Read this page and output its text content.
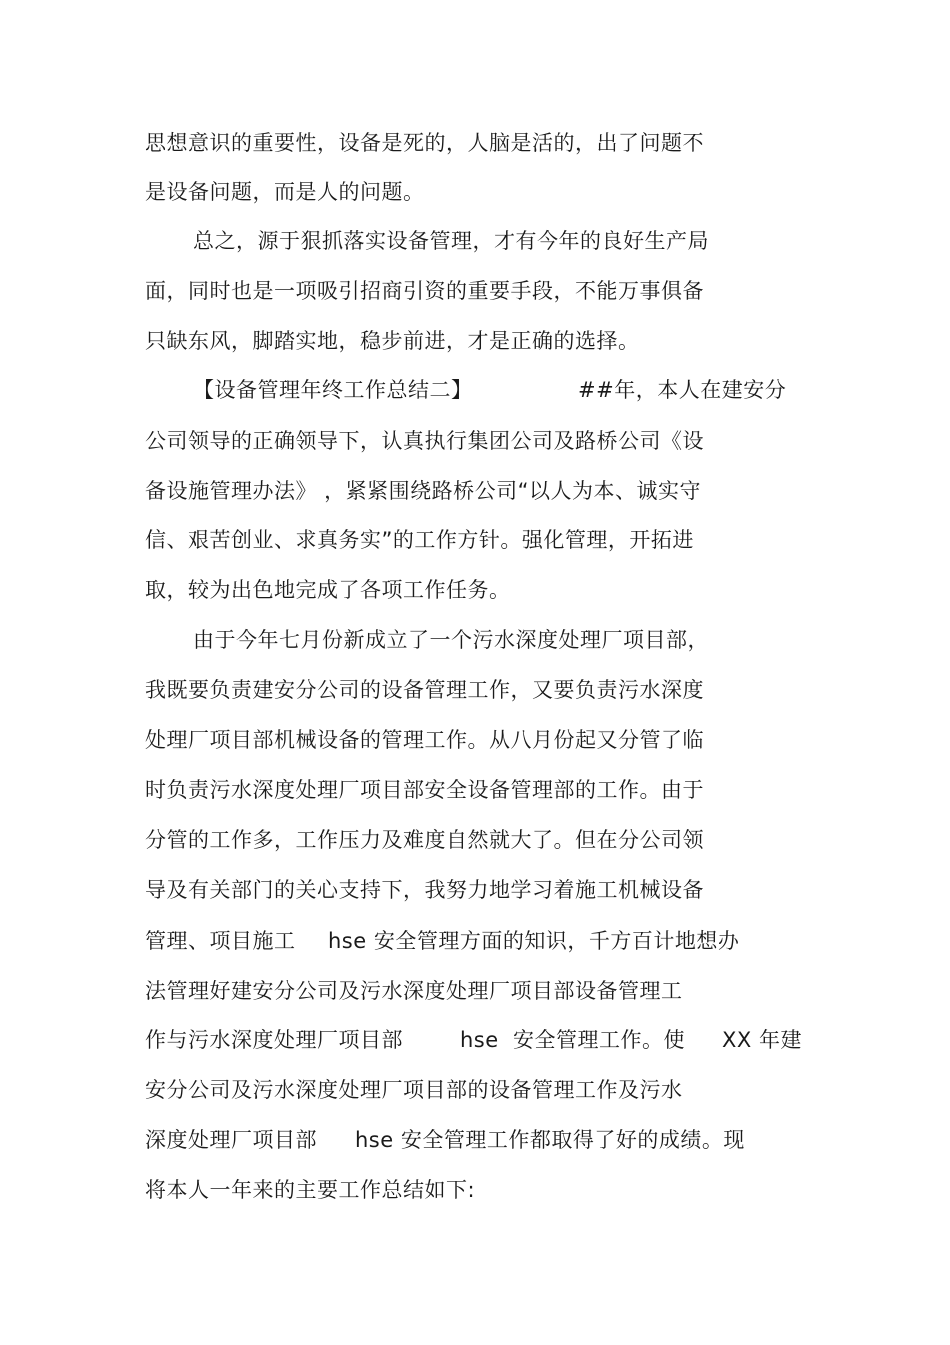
思想意识的重要性，设备是死的，人脑是活的，出了问题不
是设备问题，而是人的问题。
总之，源于狠抓落实设备管理，才有今年的良好生产局
面，同时也是一项吸引招商引资的重要手段，不能万事俱备
只缺东风，脚踏实地，稳步前进，才是正确的选择。
【设备管理年终工作总结二】	##年，本人在建安分
公司领导的正确领导下，认真执行集团公司及路桥公司《设
备设施管理办法》 ，紧紧围绕路桥公司“以人为本、诚实守
信、艰苦创业、求真务实”的工作方针。强化管理，开拓进
取，较为出色地完成了各项工作任务。
由于今年七月份新成立了一个污水深度处理厂项目部，
我既要负责建安分公司的设备管理工作，又要负责污水深度
处理厂项目部机械设备的管理工作。从八月份起又分管了临
时负责污水深度处理厂项目部安全设备管理部的工作。由于
分管的工作多，工作压力及难度自然就大了。但在分公司领
导及有关部门的关心支持下，我努力地学习着施工机械设备
管理、项目施工 hse 安全管理方面的知识，千方百计地想办
法管理好建安分公司及污水深度处理厂项目部设备管理工
作与污水深度处理厂项目部	hse  安全管理工作。使 XX 年建
安分公司及污水深度处理厂项目部的设备管理工作及污水
深度处理厂项目部 hse 安全管理工作都取得了好的成绩。现
将本人一年来的主要工作总结如下:
